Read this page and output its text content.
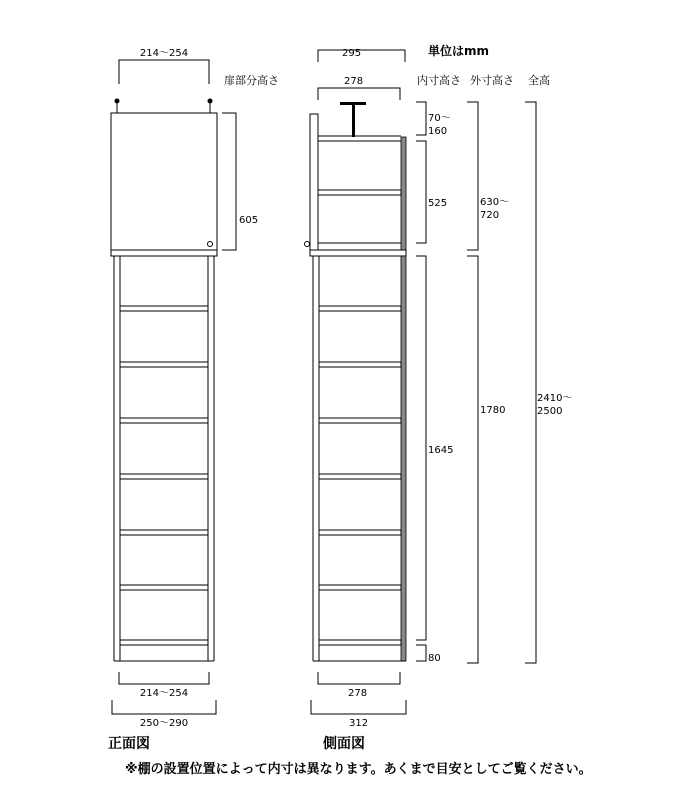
214～254
605
214～254
250～290
正面図
295
278
70～
160
525
1645
80
630～
720
1780
2410～
2500
278
312
側面図
単位はmm
扉部分高さ	内寸高さ 外寸高さ 全高
※棚の設置位置によって内寸は異なります。あくまで目安としてご覧ください。
